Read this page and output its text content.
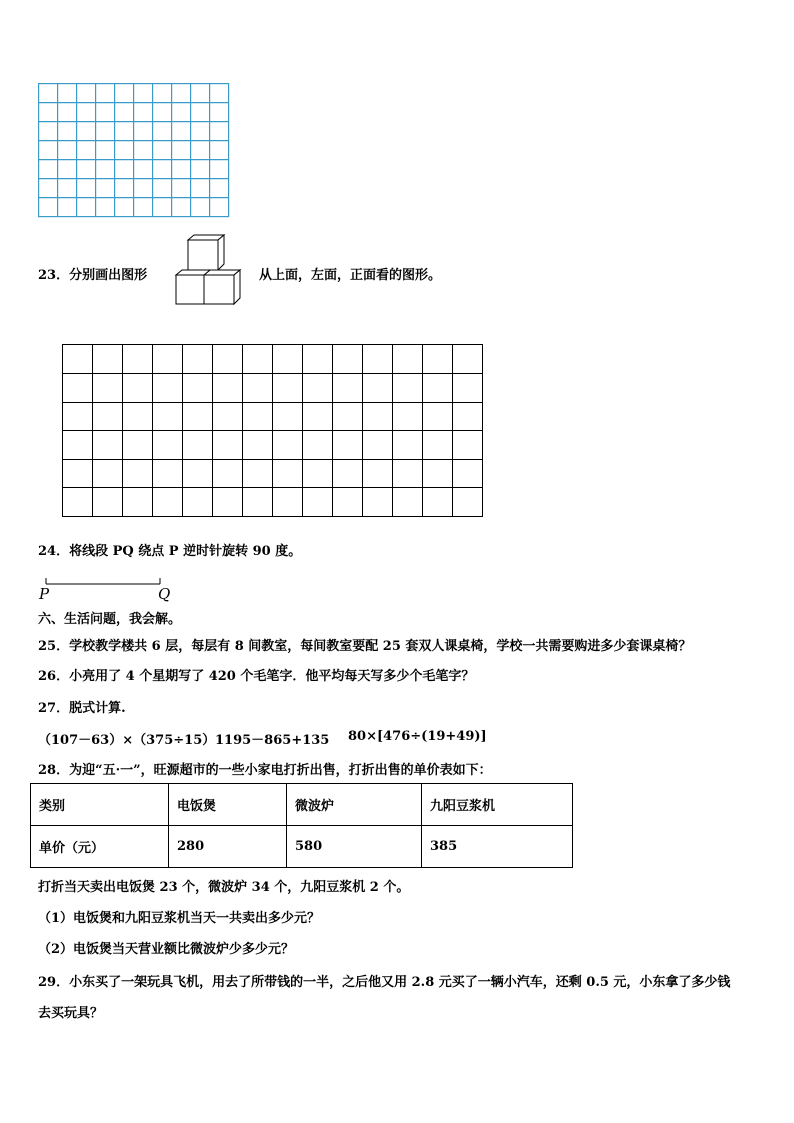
23．分别画出图形	从上面，左面，正面看的图形。
24．将线段 PQ 绕点 P 逆时针旋转 90 度。
P	Q
六、生活问题，我会解。
25．学校教学楼共 6 层，每层有 8 间教室，每间教室要配 25 套双人课桌椅，学校一共需要购进多少套课桌椅？
26．小亮用了 4 个星期写了 420 个毛笔字．他平均每天写多少个毛笔字？
27．脱式计算.
（107－63）×（375÷15） 1195－865+135 80×[476÷(19+49)]
28．为迎“五·一”，旺源超市的一些小家电打折出售，打折出售的单价表如下：
类别	电饭煲	微波炉	九阳豆浆机
单价（元）	280	580	385
打折当天卖出电饭煲 23 个，微波炉 34 个，九阳豆浆机 2 个。
（1）电饭煲和九阳豆浆机当天一共卖出多少元？
（2）电饭煲当天营业额比微波炉少多少元？
29．小东买了一架玩具飞机，用去了所带钱的一半，之后他又用 2.8 元买了一辆小汽车，还剩 0.5 元，小东拿了多少钱
去买玩具？
